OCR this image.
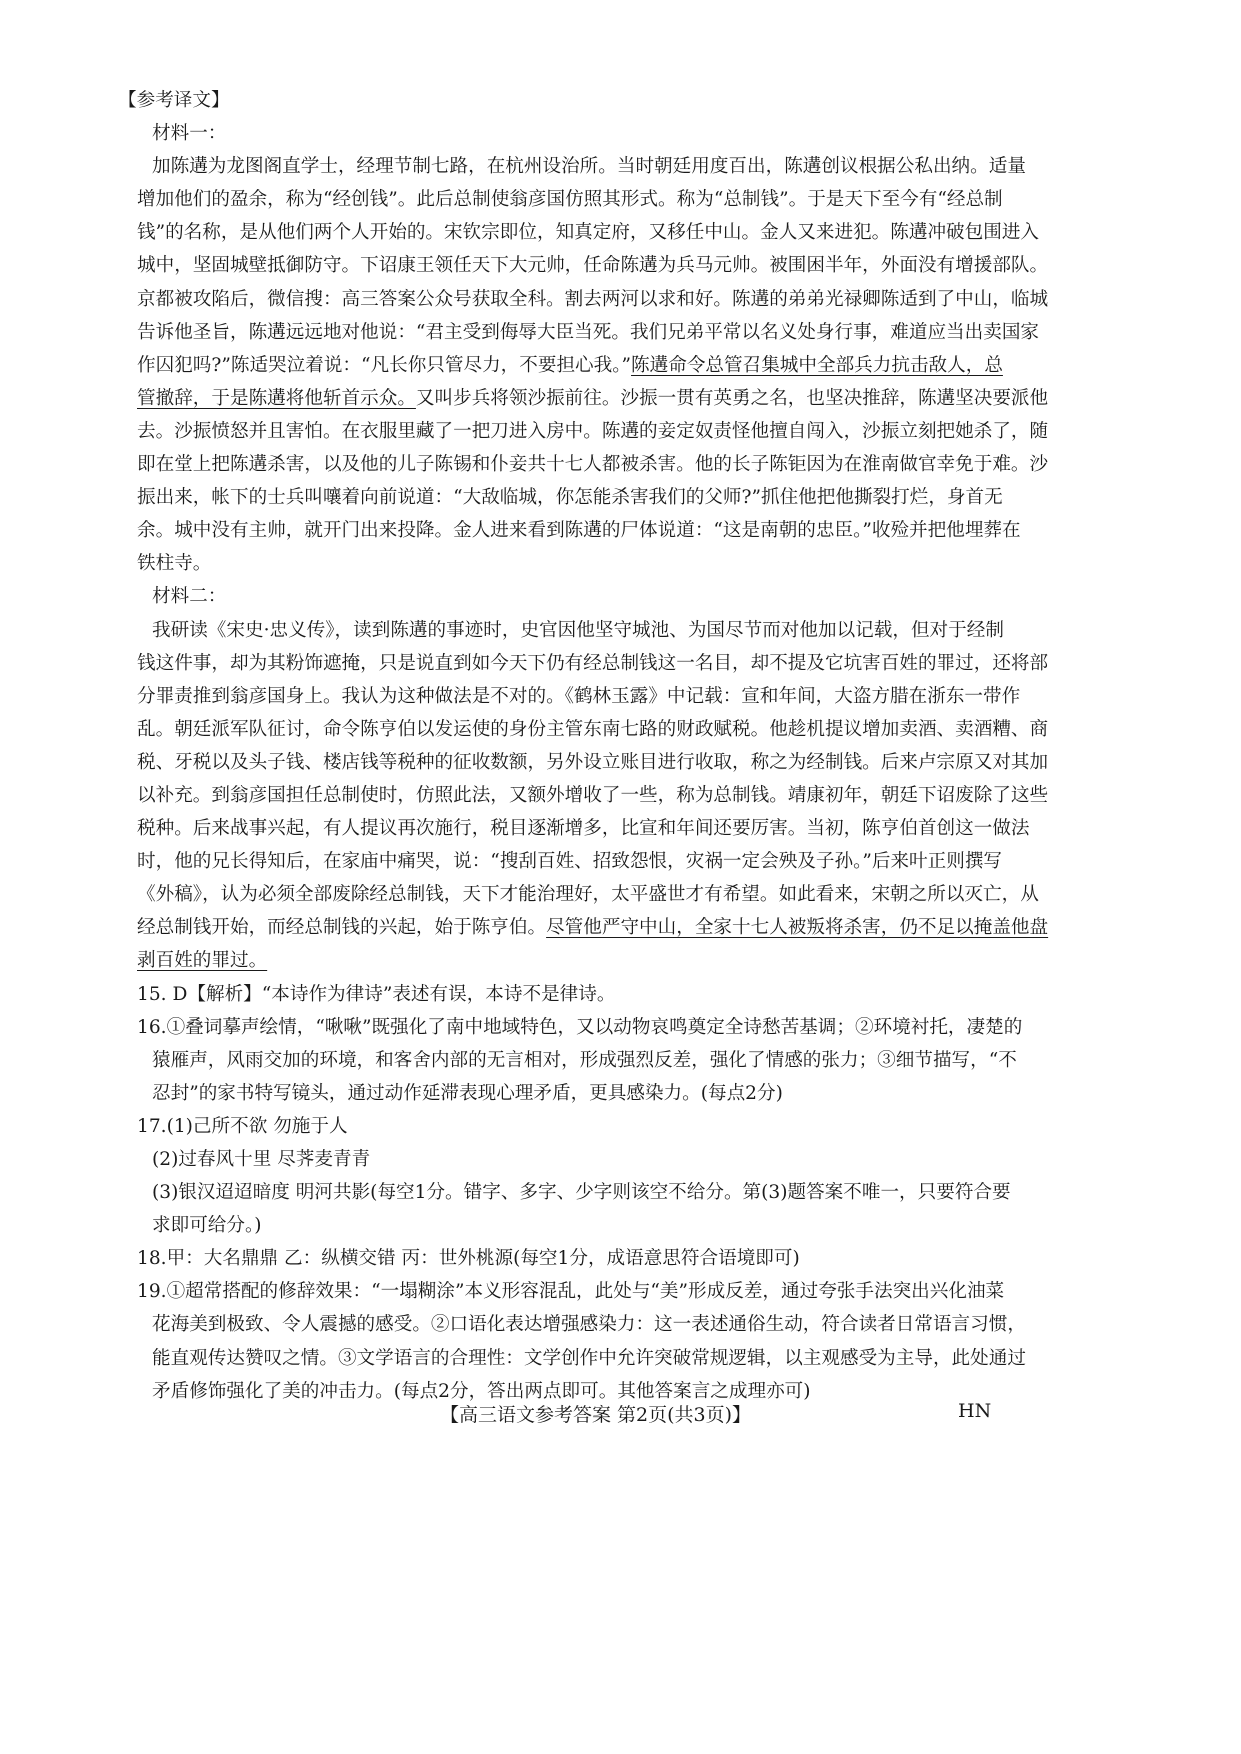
【参考译文】
材料一：
加陈遘为龙图阁直学士，经理节制七路，在杭州设治所。当时朝廷用度百出，陈遘创议根据公私出纳。适量
增加他们的盈余，称为“经创钱”。此后总制使翁彦国仿照其形式。称为“总制钱”。于是天下至今有“经总制
钱”的名称，是从他们两个人开始的。宋钦宗即位，知真定府，又移任中山。金人又来进犯。陈遘冲破包围进入
城中，坚固城壁抵御防守。下诏康王领任天下大元帅，任命陈遘为兵马元帅。被围困半年，外面没有增援部队。
京都被攻陷后，微信搜：高三答案公众号获取全科。割去两河以求和好。陈遘的弟弟光禄卿陈适到了中山，临城
告诉他圣旨，陈遘远远地对他说：“君主受到侮辱大臣当死。我们兄弟平常以名义处身行事，难道应当出卖国家
作囚犯吗?”陈适哭泣着说：“凡长你只管尽力，不要担心我。”陈遘命令总管召集城中全部兵力抗击敌人，总
管撤辞，于是陈遘将他斩首示众。又叫步兵将领沙振前往。沙振一贯有英勇之名，也坚决推辞，陈遘坚决要派他
去。沙振愤怒并且害怕。在衣服里藏了一把刀进入房中。陈遘的妾定奴责怪他擅自闯入，沙振立刻把她杀了，随
即在堂上把陈遘杀害，以及他的儿子陈锡和仆妾共十七人都被杀害。他的长子陈钜因为在淮南做官幸免于难。沙
振出来，帐下的士兵叫嚷着向前说道：“大敌临城，你怎能杀害我们的父师?”抓住他把他撕裂打烂，身首无
余。城中没有主帅，就开门出来投降。金人进来看到陈遘的尸体说道：“这是南朝的忠臣。”收殓并把他埋葬在
铁柱寺。
材料二：
我研读《宋史·忠义传》，读到陈遘的事迹时，史官因他坚守城池、为国尽节而对他加以记载，但对于经制
钱这件事，却为其粉饰遮掩，只是说直到如今天下仍有经总制钱这一名目，却不提及它坑害百姓的罪过，还将部
分罪责推到翁彦国身上。我认为这种做法是不对的。《鹤林玉露》中记载：宣和年间，大盗方腊在浙东一带作
乱。朝廷派军队征讨，命令陈亨伯以发运使的身份主管东南七路的财政赋税。他趁机提议增加卖酒、卖酒糟、商
税、牙税以及头子钱、楼店钱等税种的征收数额，另外设立账目进行收取，称之为经制钱。后来卢宗原又对其加
以补充。到翁彦国担任总制使时，仿照此法，又额外增收了一些，称为总制钱。靖康初年，朝廷下诏废除了这些
税种。后来战事兴起，有人提议再次施行，税目逐渐增多，比宣和年间还要厉害。当初，陈亨伯首创这一做法
时，他的兄长得知后，在家庙中痛哭，说：“搜刮百姓、招致怨恨，灾祸一定会殃及子孙。”后来叶正则撰写
《外稿》，认为必须全部废除经总制钱，天下才能治理好，太平盛世才有希望。如此看来，宋朝之所以灭亡，从
经总制钱开始，而经总制钱的兴起，始于陈亨伯。尽管他严守中山，全家十七人被叛将杀害，仍不足以掩盖他盘
剥百姓的罪过。
15. D【解析】“本诗作为律诗”表述有误，本诗不是律诗。
16.①叠词摹声绘情，“啾啾”既强化了南中地域特色，又以动物哀鸣奠定全诗愁苦基调；②环境衬托，凄楚的
猿雁声，风雨交加的环境，和客舍内部的无言相对，形成强烈反差，强化了情感的张力；③细节描写，“不
忍封”的家书特写镜头，通过动作延滞表现心理矛盾，更具感染力。(每点2分)
17.(1)己所不欲 勿施于人
(2)过春风十里 尽荠麦青青
(3)银汉迢迢暗度 明河共影(每空1分。错字、多字、少字则该空不给分。第(3)题答案不唯一，只要符合要
求即可给分。)
18.甲：大名鼎鼎 乙：纵横交错 丙：世外桃源(每空1分，成语意思符合语境即可)
19.①超常搭配的修辞效果：“一塌糊涂”本义形容混乱，此处与“美”形成反差，通过夸张手法突出兴化油菜
花海美到极致、令人震撼的感受。②口语化表达增强感染力：这一表述通俗生动，符合读者日常语言习惯，
能直观传达赞叹之情。③文学语言的合理性：文学创作中允许突破常规逻辑，以主观感受为主导，此处通过
矛盾修饰强化了美的冲击力。(每点2分，答出两点即可。其他答案言之成理亦可)
【高三语文参考答案 第2页(共3页)】	HN
